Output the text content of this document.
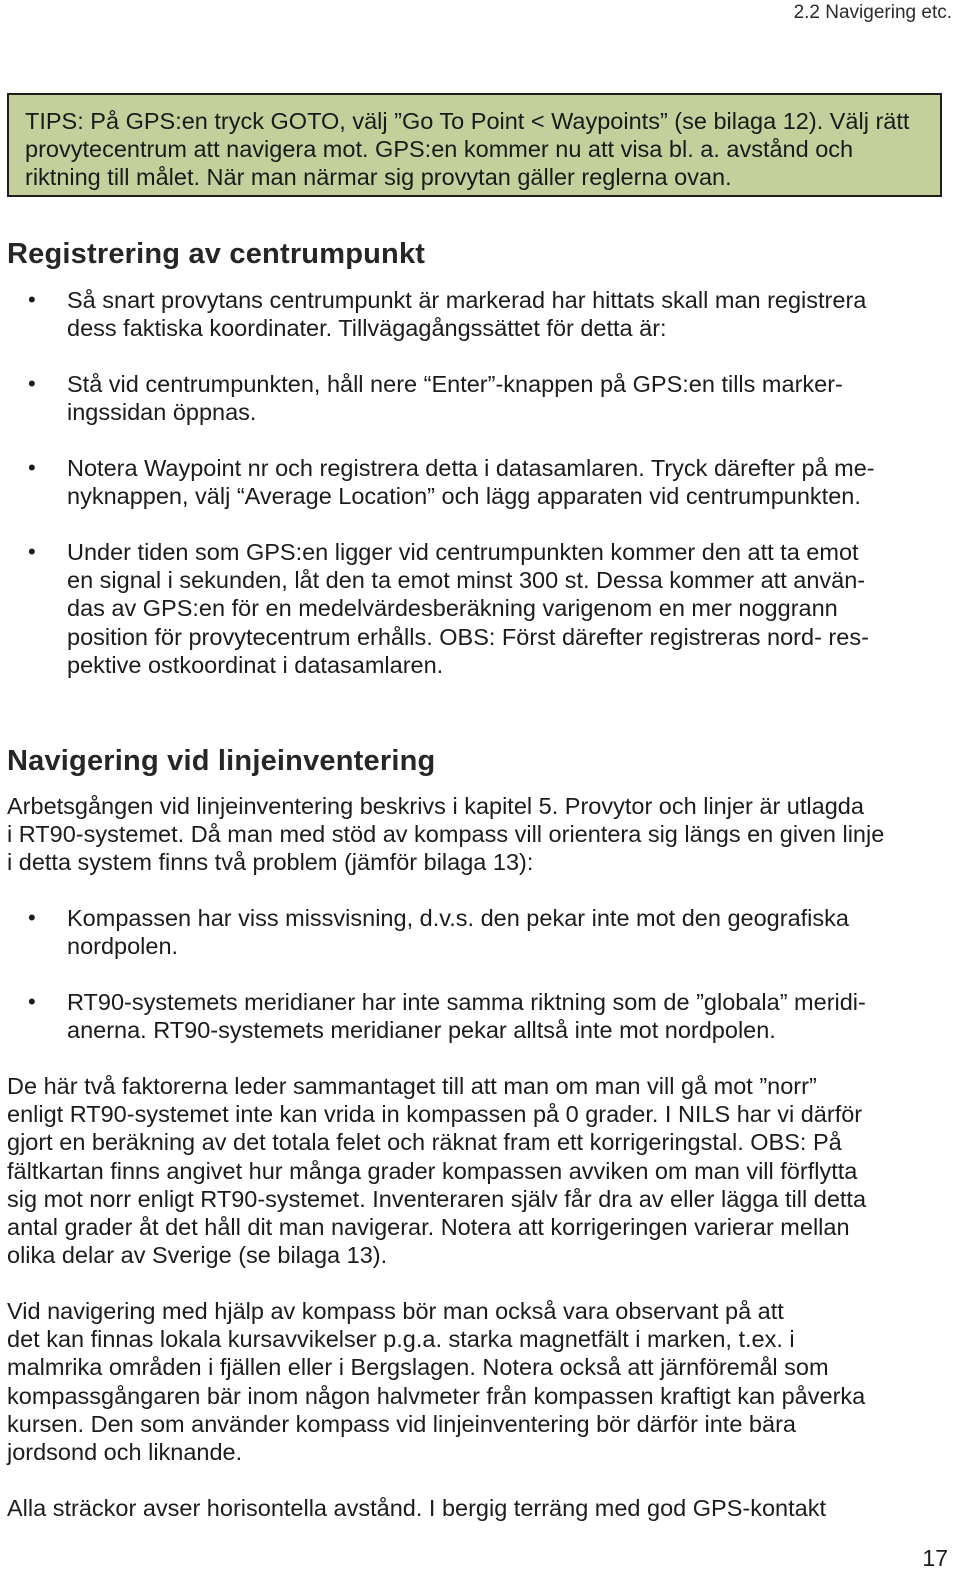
2.2 Navigering etc.

TIPS: På GPS:en tryck GOTO, välj ”Go To Point < Waypoints” (se bilaga 12). Välj rätt

provytecentrum att navigera mot. GPS:en kommer nu att visa bl. a. avstånd och

riktning till målet. När man närmar sig provytan gäller reglerna ovan.

Registrering av centrumpunkt
• Så snart provytans centrumpunkt är markerad har hittats skall man registrera
dess faktiska koordinater. Tillvägagångssättet för detta är:
• Stå vid centrumpunkten, håll nere “Enter”-knappen på GPS:en tills marker-
ingssidan öppnas.
• Notera Waypoint nr och registrera detta i datasamlaren. Tryck därefter på me-
nyknappen, välj “Average Location” och lägg apparaten vid centrumpunkten.
• Under tiden som GPS:en ligger vid centrumpunkten kommer den att ta emot
en signal i sekunden, låt den ta emot minst 300 st. Dessa kommer att använ-
das av GPS:en för en medelvärdesberäkning varigenom en mer noggrann
position för provytecentrum erhålls. OBS: Först därefter registreras nord- res-
pektive ostkoordinat i datasamlaren.
Navigering vid linjeinventering
Arbetsgången vid linjeinventering beskrivs i kapitel 5. Provytor och linjer är utlagda
i RT90-systemet. Då man med stöd av kompass vill orientera sig längs en given linje
i detta system finns två problem (jämför bilaga 13):
• Kompassen har viss missvisning, d.v.s. den pekar inte mot den geografiska
nordpolen.
• RT90-systemets meridianer har inte samma riktning som de ”globala” meridi-
anerna. RT90-systemets meridianer pekar alltså inte mot nordpolen.
De här två faktorerna leder sammantaget till att man om man vill gå mot ”norr”
enligt RT90-systemet inte kan vrida in kompassen på 0 grader. I NILS har vi därför
gjort en beräkning av det totala felet och räknat fram ett korrigeringstal. OBS: På
fältkartan finns angivet hur många grader kompassen avviken om man vill förflytta
sig mot norr enligt RT90-systemet. Inventeraren själv får dra av eller lägga till detta
antal grader åt det håll dit man navigerar. Notera att korrigeringen varierar mellan
olika delar av Sverige (se bilaga 13).
Vid navigering med hjälp av kompass bör man också vara observant på att
det kan finnas lokala kursavvikelser p.g.a. starka magnetfält i marken, t.ex. i
malmrika områden i fjällen eller i Bergslagen. Notera också att järnföremål som
kompassgångaren bär inom någon halvmeter från kompassen kraftigt kan påverka
kursen. Den som använder kompass vid linjeinventering bör därför inte bära
jordsond och liknande.
Alla sträckor avser horisontella avstånd. I bergig terräng med god GPS-kontakt
17
